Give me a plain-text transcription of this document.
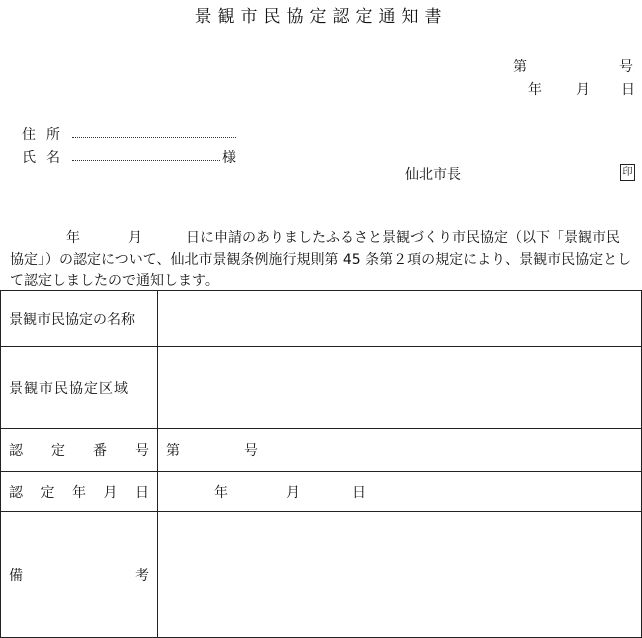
景観市民協定認定通知書
第	号
年 月 日
住所
氏名	様
仙北市長	印

年	月	日に申請のありましたふるさと景観づくり市民協定（以下「景観市民協定」）の認定について、仙北市景観条例施行規則第 45 条第２項の規定により、景観市民協定として認定しましたので通知します。

景観市民協定の名称	
景観市民協定区域	

認 定 番 号	第 号

認 定 年 月 日	年 月 日

備 考	
